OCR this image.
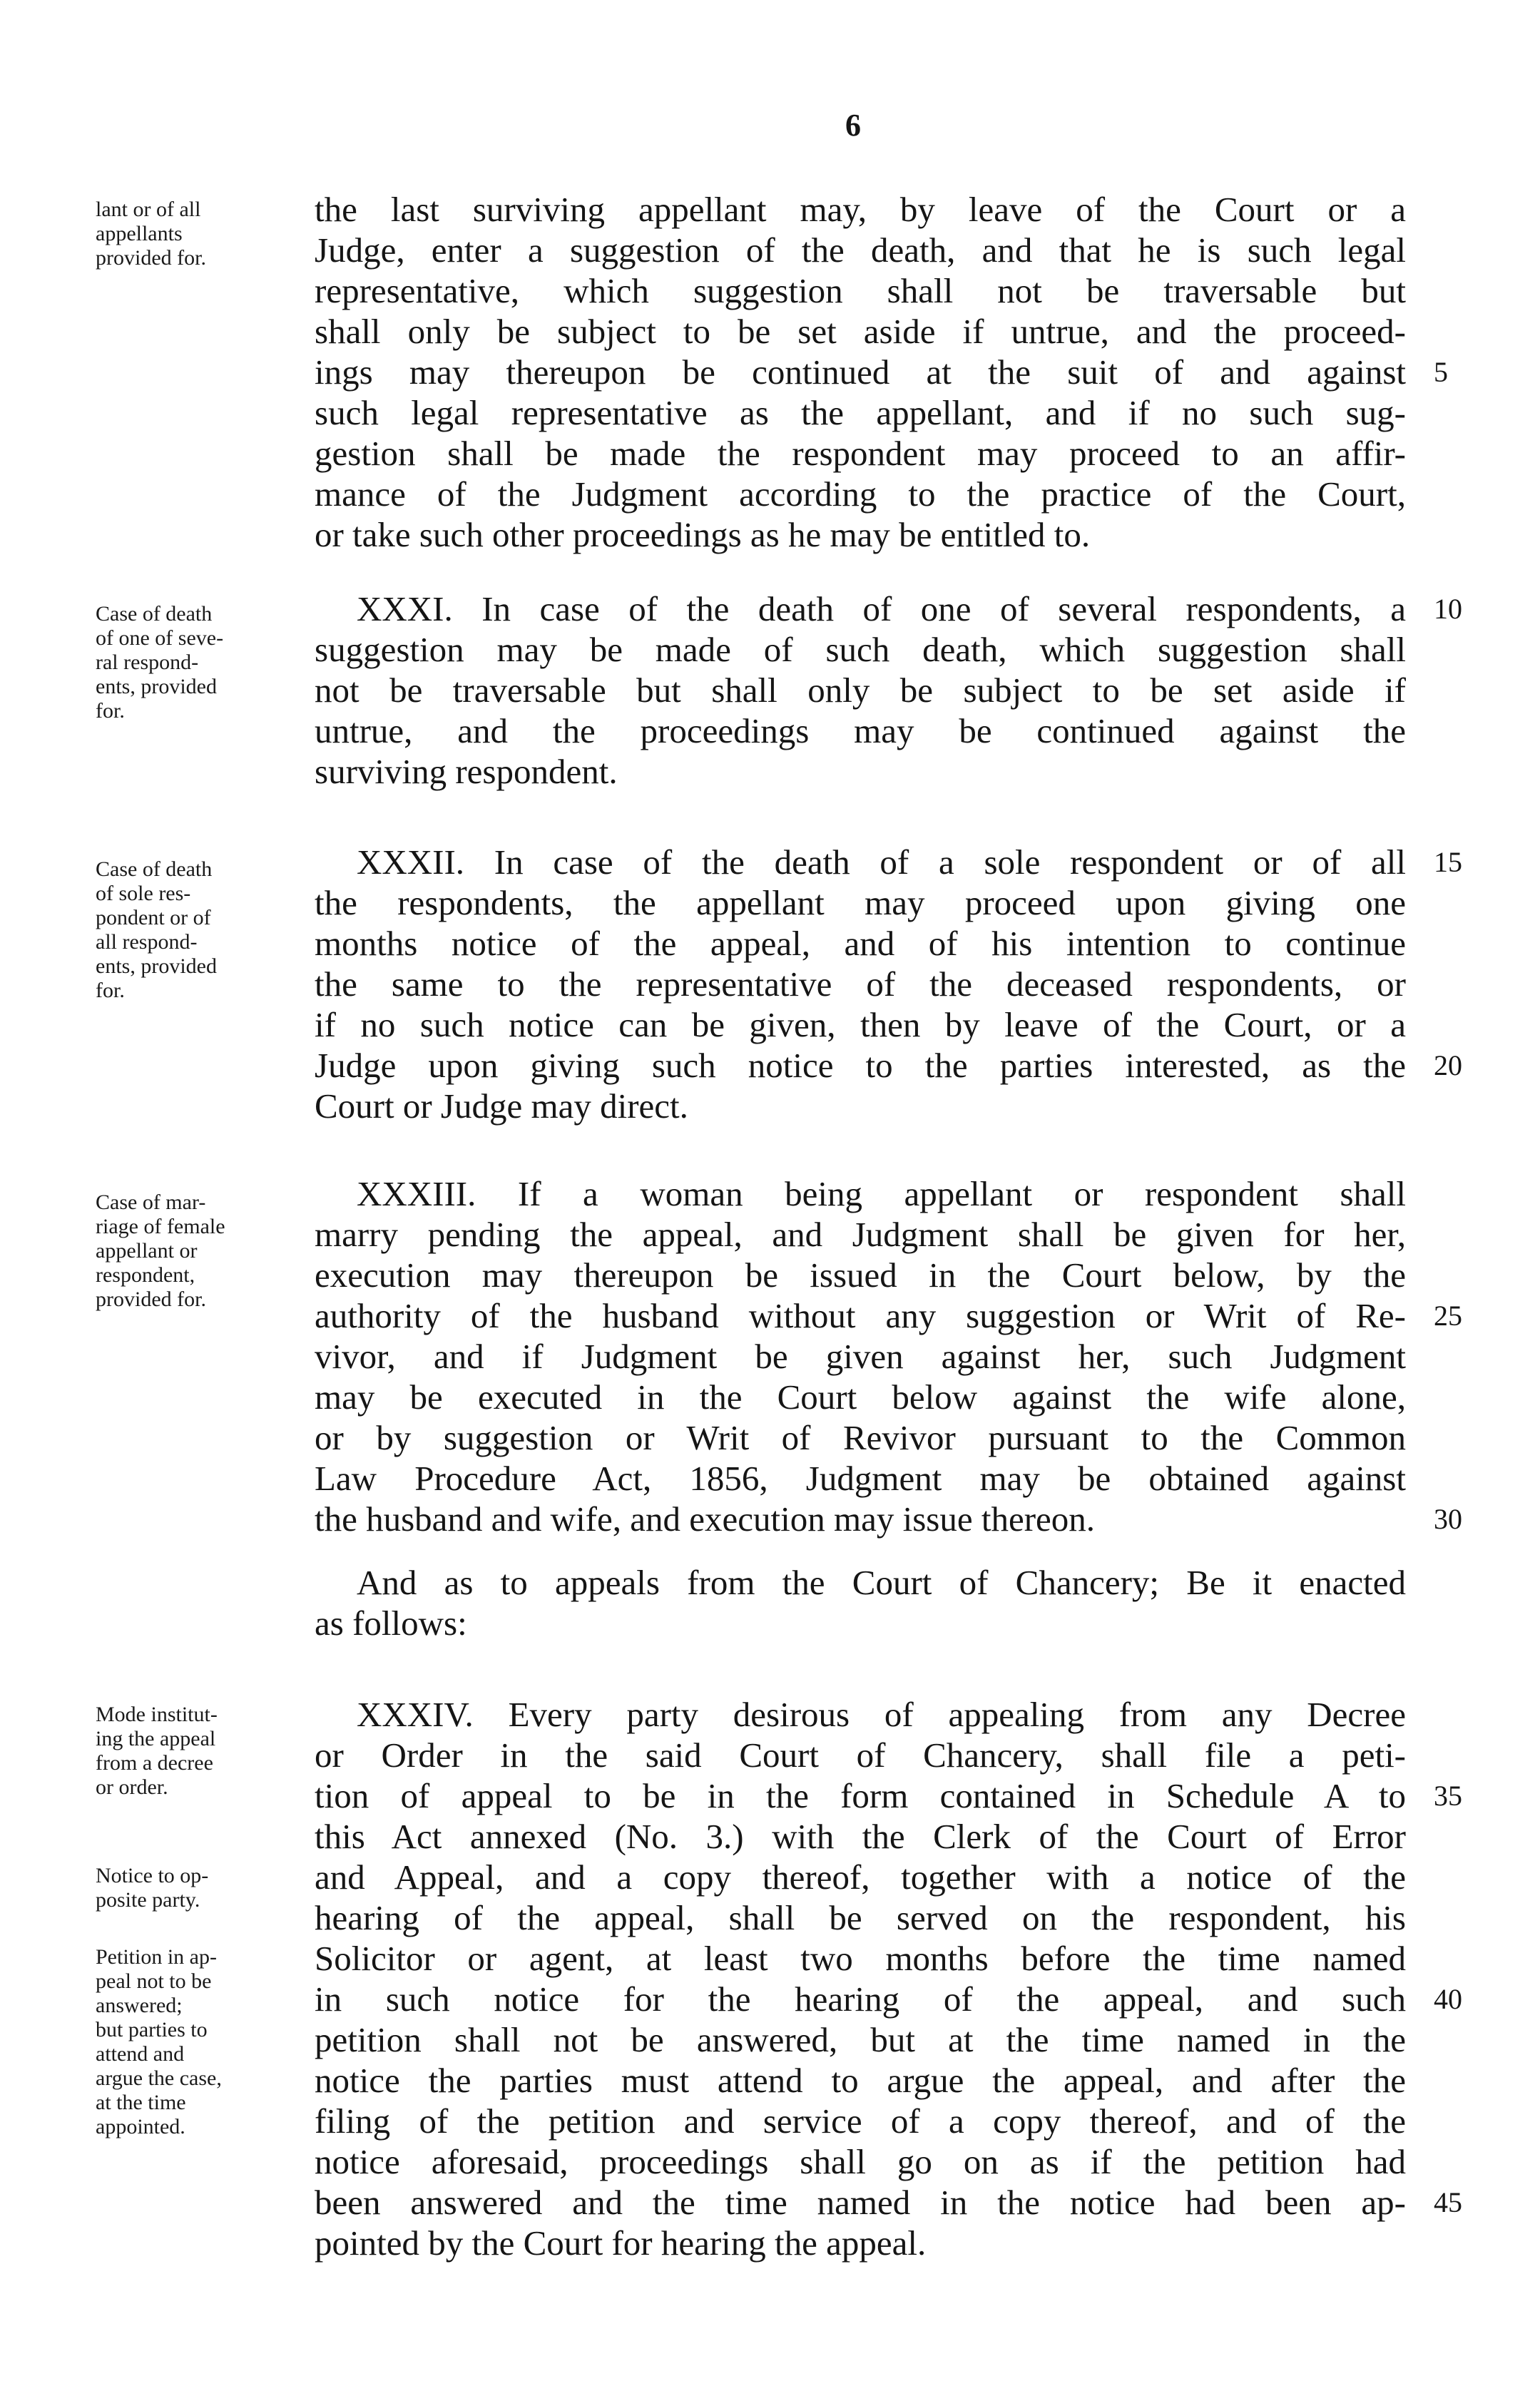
6
lant or of all
appellants
provided for.
the last surviving appellant may, by leave of the Court or a
Judge, enter a suggestion of the death, and that he is such legal
representative, which suggestion shall not be traversable but
shall only be subject to be set aside if untrue, and the proceed-
ings may thereupon be continued at the suit of and against 5
such legal representative as the appellant, and if no such sug-
gestion shall be made the respondent may proceed to an affir-
mance of the Judgment according to the practice of the Court,
or take such other proceedings as he may be entitled to.
Case of death
of one of seve-
ral respond-
ents, provided
for.
XXXI. In case of the death of one of several respondents, a 10
suggestion may be made of such death, which suggestion shall
not be traversable but shall only be subject to be set aside if
untrue, and the proceedings may be continued against the
surviving respondent.
Case of death
of sole res-
pondent or of
all respond-
ents, provided
for.
XXXII. In case of the death of a sole respondent or of all 15
the respondents, the appellant may proceed upon giving one
months notice of the appeal, and of his intention to continue
the same to the representative of the deceased respondents, or
if no such notice can be given, then by leave of the Court, or a
Judge upon giving such notice to the parties interested, as the 20
Court or Judge may direct.
Case of mar-
riage of female
appellant or
respondent,
provided for.
XXXIII. If a woman being appellant or respondent shall
marry pending the appeal, and Judgment shall be given for her,
execution may thereupon be issued in the Court below, by the
authority of the husband without any suggestion or Writ of Re- 25
vivor, and if Judgment be given against her, such Judgment
may be executed in the Court below against the wife alone,
or by suggestion or Writ of Revivor pursuant to the Common
Law Procedure Act, 1856, Judgment may be obtained against
the husband and wife, and execution may issue thereon.	30
And as to appeals from the Court of Chancery; Be it enacted
as follows:
Mode institut-
ing the appeal
from a decree
or order.
XXXIV. Every party desirous of appealing from any Decree
or Order in the said Court of Chancery, shall file a peti-
tion of appeal to be in the form contained in Schedule A to 35
this Act annexed (No. 3.) with the Clerk of the Court of Error
and Appeal, and a copy thereof, together with a notice of the
hearing of the appeal, shall be served on the respondent, his
Solicitor or agent, at least two months before the time named
in such notice for the hearing of the appeal, and such 40
petition shall not be answered, but at the time named in the
notice the parties must attend to argue the appeal, and after the
filing of the petition and service of a copy thereof, and of the
notice aforesaid, proceedings shall go on as if the petition had
been answered and the time named in the notice had been ap- 45
pointed by the Court for hearing the appeal.
Notice to op-
posite party.
Petition in ap-
peal not to be
answered;
but parties to
attend and
argue the case,
at the time
appointed.
